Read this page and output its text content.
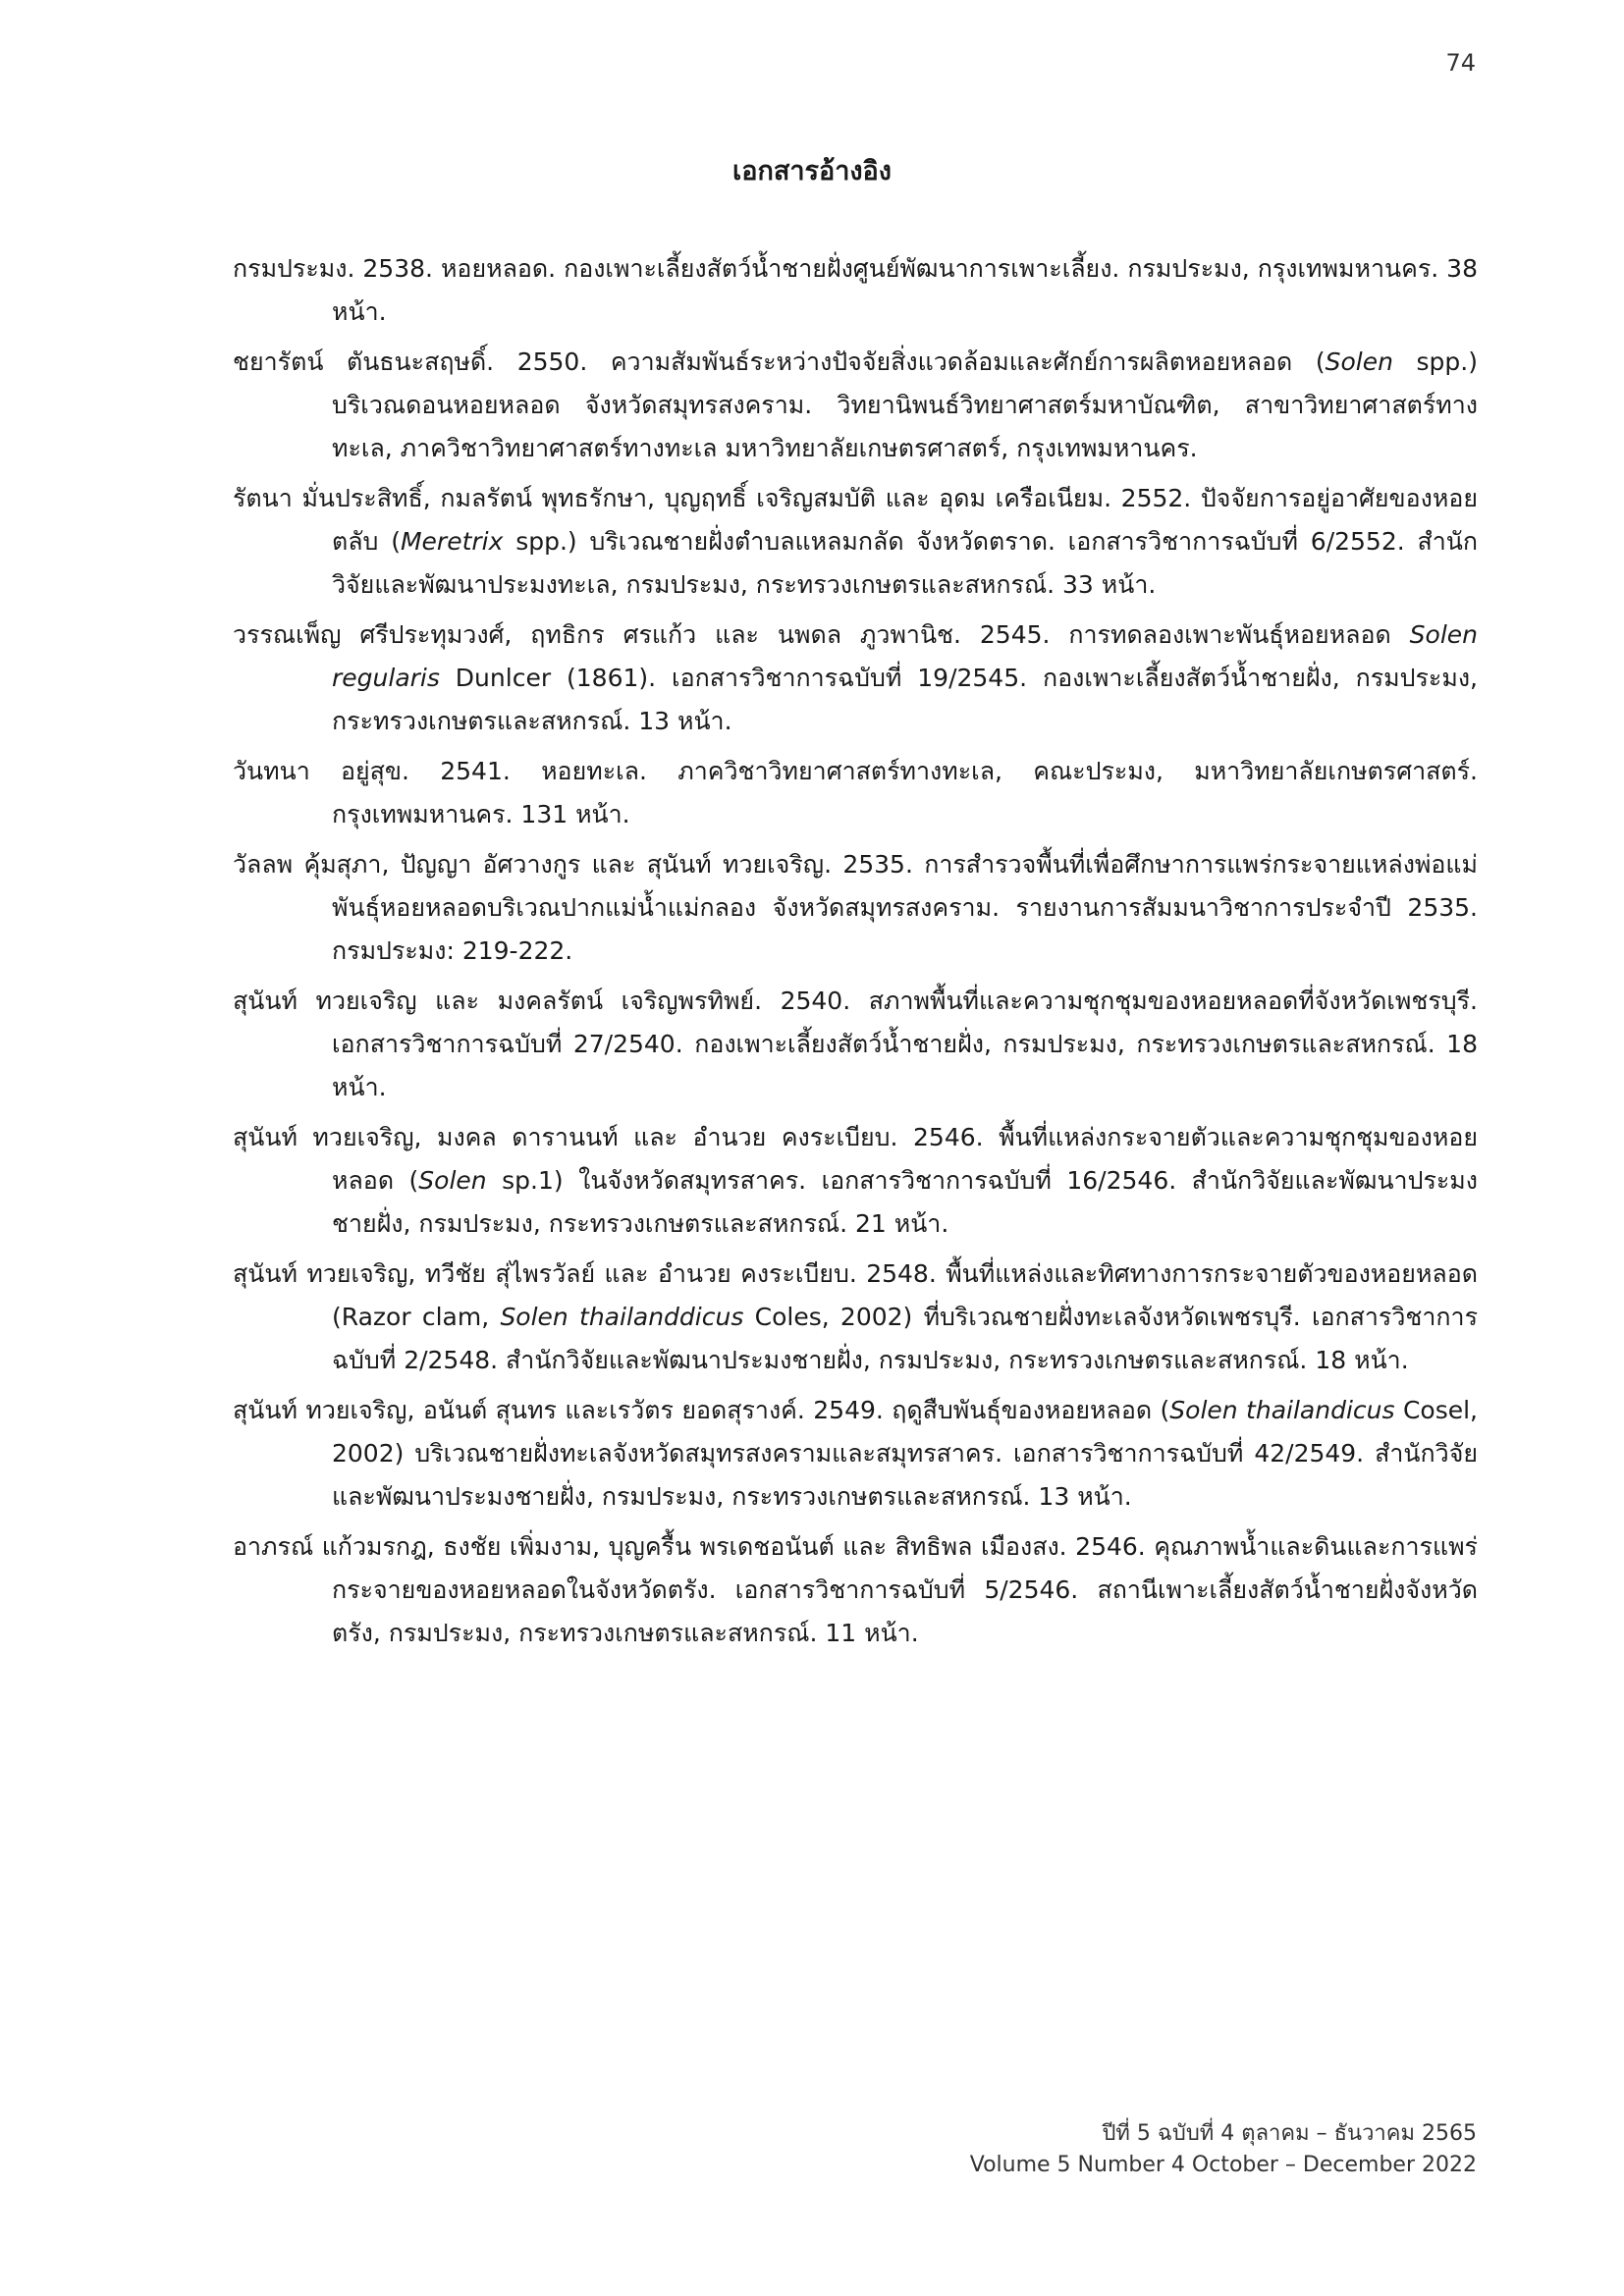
74
เอกสารอ้างอิง
กรมประมง. 2538. หอยหลอด. กองเพาะเลี้ยงสัตว์น้ำชายฝั่งศูนย์พัฒนาการเพาะเลี้ยง. กรมประมง, กรุงเทพมหานคร. 38 หน้า.
ชยารัตน์ ตันธนะสฤษดิ์. 2550. ความสัมพันธ์ระหว่างปัจจัยสิ่งแวดล้อมและศักย์การผลิตหอยหลอด (Solen spp.) บริเวณดอนหอยหลอด จังหวัดสมุทรสงคราม. วิทยานิพนธ์วิทยาศาสตร์มหาบัณฑิต, สาขาวิทยาศาสตร์ทางทะเล, ภาควิชาวิทยาศาสตร์ทางทะเล มหาวิทยาลัยเกษตรศาสตร์, กรุงเทพมหานคร.
รัตนา มั่นประสิทธิ์, กมลรัตน์ พุทธรักษา, บุญฤทธิ์ เจริญสมบัติ และ อุดม เครือเนียม. 2552. ปัจจัยการอยู่อาศัยของหอยตลับ (Meretrix spp.) บริเวณชายฝั่งตำบลแหลมกลัด จังหวัดตราด. เอกสารวิชาการฉบับที่ 6/2552. สำนักวิจัยและพัฒนาประมงทะเล, กรมประมง, กระทรวงเกษตรและสหกรณ์. 33 หน้า.
วรรณเพ็ญ ศรีประทุมวงศ์, ฤทธิกร ศรแก้ว และ นพดล ภูวพานิช. 2545. การทดลองเพาะพันธุ์หอยหลอด Solen regularis Dunlcer (1861). เอกสารวิชาการฉบับที่ 19/2545. กองเพาะเลี้ยงสัตว์น้ำชายฝั่ง, กรมประมง, กระทรวงเกษตรและสหกรณ์. 13 หน้า.
วันทนา อยู่สุข. 2541. หอยทะเล. ภาควิชาวิทยาศาสตร์ทางทะเล, คณะประมง, มหาวิทยาลัยเกษตรศาสตร์. กรุงเทพมหานคร. 131 หน้า.
วัลลพ คุ้มสุภา, ปัญญา อัศวางกูร และ สุนันท์ ทวยเจริญ. 2535. การสำรวจพื้นที่เพื่อศึกษาการแพร่กระจายแหล่งพ่อแม่พันธุ์หอยหลอดบริเวณปากแม่น้ำแม่กลอง จังหวัดสมุทรสงคราม. รายงานการสัมมนาวิชาการประจำปี 2535. กรมประมง: 219-222.
สุนันท์ ทวยเจริญ และ มงคลรัตน์ เจริญพรทิพย์. 2540. สภาพพื้นที่และความชุกชุมของหอยหลอดที่จังหวัดเพชรบุรี. เอกสารวิชาการฉบับที่ 27/2540. กองเพาะเลี้ยงสัตว์น้ำชายฝั่ง, กรมประมง, กระทรวงเกษตรและสหกรณ์. 18 หน้า.
สุนันท์ ทวยเจริญ, มงคล ดารานนท์ และ อำนวย คงระเบียบ. 2546. พื้นที่แหล่งกระจายตัวและความชุกชุมของหอยหลอด (Solen sp.1) ในจังหวัดสมุทรสาคร. เอกสารวิชาการฉบับที่ 16/2546. สำนักวิจัยและพัฒนาประมงชายฝั่ง, กรมประมง, กระทรวงเกษตรและสหกรณ์. 21 หน้า.
สุนันท์ ทวยเจริญ, ทวีชัย สุ่ไพรวัลย์ และ อำนวย คงระเบียบ. 2548. พื้นที่แหล่งและทิศทางการกระจายตัวของหอยหลอด (Razor clam, Solen thailanddicus Coles, 2002) ที่บริเวณชายฝั่งทะเลจังหวัดเพชรบุรี. เอกสารวิชาการฉบับที่ 2/2548. สำนักวิจัยและพัฒนาประมงชายฝั่ง, กรมประมง, กระทรวงเกษตรและสหกรณ์. 18 หน้า.
สุนันท์ ทวยเจริญ, อนันต์ สุนทร และเรวัตร ยอดสุรางค์. 2549. ฤดูสืบพันธุ์ของหอยหลอด (Solen thailandicus Cosel, 2002) บริเวณชายฝั่งทะเลจังหวัดสมุทรสงครามและสมุทรสาคร. เอกสารวิชาการฉบับที่ 42/2549. สำนักวิจัยและพัฒนาประมงชายฝั่ง, กรมประมง, กระทรวงเกษตรและสหกรณ์. 13 หน้า.
อาภรณ์ แก้วมรกฎ, ธงชัย เพิ่มงาม, บุญครื้น พรเดชอนันต์ และ สิทธิพล เมืองสง. 2546. คุณภาพน้ำและดินและการแพร่กระจายของหอยหลอดในจังหวัดตรัง. เอกสารวิชาการฉบับที่ 5/2546. สถานีเพาะเลี้ยงสัตว์น้ำชายฝั่งจังหวัดตรัง, กรมประมง, กระทรวงเกษตรและสหกรณ์. 11 หน้า.
ปีที่ 5 ฉบับที่ 4 ตุลาคม – ธันวาคม 2565
Volume 5 Number 4 October – December 2022
